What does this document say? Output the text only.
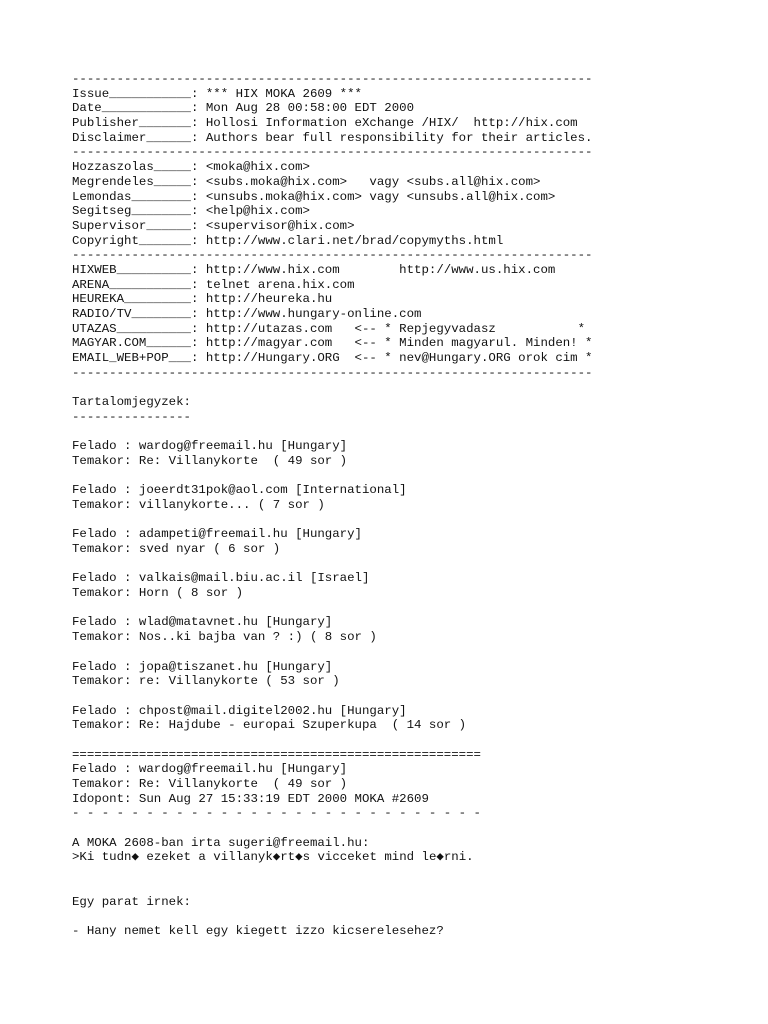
----------------------------------------------------------------------
Issue___________: *** HIX MOKA 2609 ***
Date____________: Mon Aug 28 00:58:00 EDT 2000
Publisher_______: Hollosi Information eXchange /HIX/  http://hix.com
Disclaimer______: Authors bear full responsibility for their articles.
----------------------------------------------------------------------
Hozzaszolas_____: <moka@hix.com>
Megrendeles_____: <subs.moka@hix.com>   vagy <subs.all@hix.com>
Lemondas________: <unsubs.moka@hix.com> vagy <unsubs.all@hix.com>
Segitseg________: <help@hix.com>
Supervisor______: <supervisor@hix.com>
Copyright_______: http://www.clari.net/brad/copymyths.html
----------------------------------------------------------------------
HIXWEB__________: http://www.hix.com        http://www.us.hix.com
ARENA___________: telnet arena.hix.com
HEUREKA_________: http://heureka.hu
RADIO/TV________: http://www.hungary-online.com
UTAZAS__________: http://utazas.com   <-- * Repjegyvadasz           *
MAGYAR.COM______: http://magyar.com   <-- * Minden magyarul. Minden! *
EMAIL_WEB+POP___: http://Hungary.ORG  <-- * nev@Hungary.ORG orok cim *
----------------------------------------------------------------------
Tartalomjegyzek:
----------------
Felado : wardog@freemail.hu [Hungary]
Temakor: Re: Villanykorte  ( 49 sor )
Felado : joeerdt31pok@aol.com [International]
Temakor: villanykorte... ( 7 sor )
Felado : adampeti@freemail.hu [Hungary]
Temakor: sved nyar ( 6 sor )
Felado : valkais@mail.biu.ac.il [Israel]
Temakor: Horn ( 8 sor )
Felado : wlad@matavnet.hu [Hungary]
Temakor: Nos..ki bajba van ? :) ( 8 sor )
Felado : jopa@tiszanet.hu [Hungary]
Temakor: re: Villanykorte ( 53 sor )
Felado : chpost@mail.digitel2002.hu [Hungary]
Temakor: Re: Hajdube - europai Szuperkupa  ( 14 sor )
=======================================================
Felado : wardog@freemail.hu [Hungary]
Temakor: Re: Villanykorte  ( 49 sor )
Idopont: Sun Aug 27 15:33:19 EDT 2000 MOKA #2609
- - - - - - - - - - - - - - - - - - - - - - - - - - - -
A MOKA 2608-ban irta sugeri@freemail.hu:
>Ki tudn◆ ezeket a villanyk◆rt◆s vicceket mind le◆rni.
Egy parat irnek:
- Hany nemet kell egy kiegett izzo kicserelesehez?
